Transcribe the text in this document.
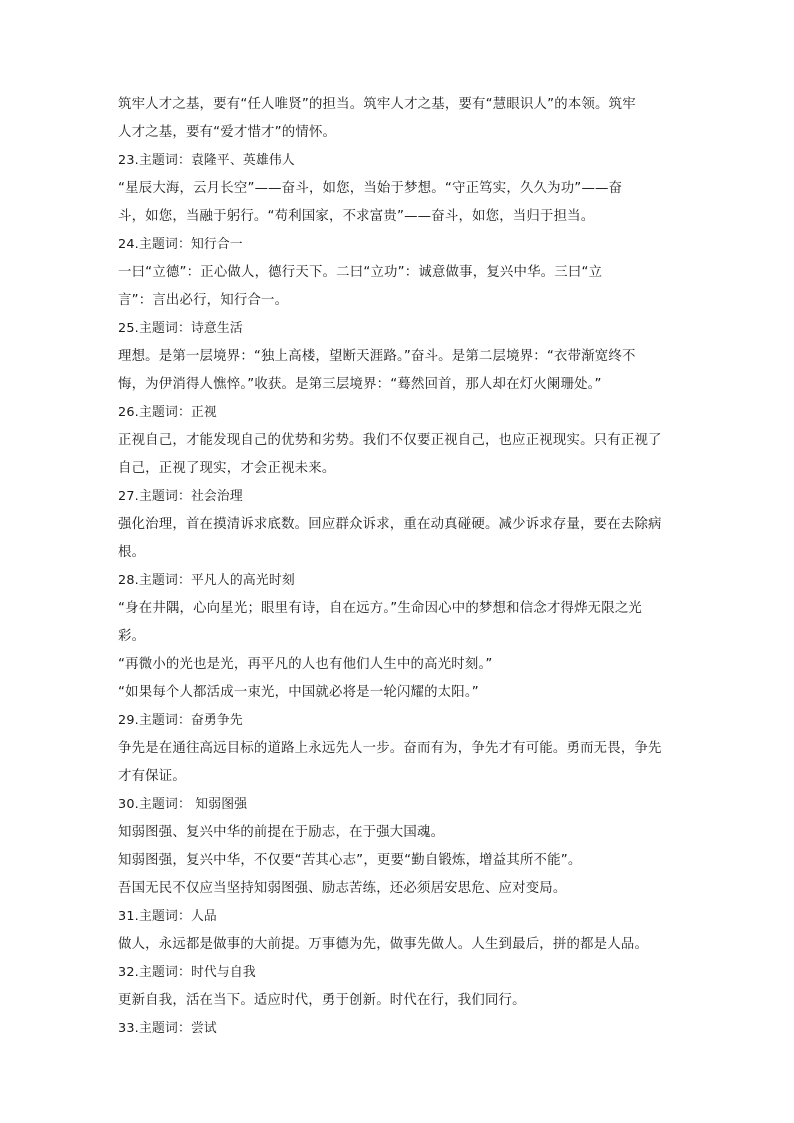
筑牢人才之基，要有“任人唯贤”的担当。筑牢人才之基，要有“慧眼识人”的本领。筑牢
人才之基，要有“爱才惜才”的情怀。
23.主题词：袁隆平、英雄伟人
“星辰大海，云月长空”——奋斗，如您，当始于梦想。“守正笃实，久久为功”——奋
斗，如您，当融于躬行。“苟利国家，不求富贵”——奋斗，如您，当归于担当。
24.主题词：知行合一
一曰“立德”：正心做人，德行天下。二曰“立功”：诚意做事，复兴中华。三曰“立
言”：言出必行，知行合一。
25.主题词：诗意生活
理想。是第一层境界：“独上高楼，望断天涯路。”奋斗。是第二层境界：“衣带渐宽终不
悔，为伊消得人憔悴。”收获。是第三层境界：“蓦然回首，那人却在灯火阑珊处。”
26.主题词：正视
正视自己，才能发现自己的优势和劣势。我们不仅要正视自己，也应正视现实。只有正视了
自己，正视了现实，才会正视未来。
27.主题词：社会治理
强化治理，首在摸清诉求底数。回应群众诉求，重在动真碰硬。减少诉求存量，要在去除病
根。
28.主题词：平凡人的高光时刻
“身在井隅，心向星光；眼里有诗，自在远方。”生命因心中的梦想和信念才得烨无限之光
彩。
“再微小的光也是光，再平凡的人也有他们人生中的高光时刻。”
“如果每个人都活成一束光，中国就必将是一轮闪耀的太阳。”
29.主题词：奋勇争先
争先是在通往高远目标的道路上永远先人一步。奋而有为，争先才有可能。勇而无畏，争先
才有保证。
30.主题词： 知弱图强
知弱图强、复兴中华的前提在于励志，在于强大国魂。
知弱图强，复兴中华，不仅要“苦其心志”，更要“勤自锻炼，增益其所不能”。
吾国无民不仅应当坚持知弱图强、励志苦练，还必须居安思危、应对变局。
31.主题词：人品
做人，永远都是做事的大前提。万事德为先，做事先做人。人生到最后，拼的都是人品。
32.主题词：时代与自我
更新自我，活在当下。适应时代，勇于创新。时代在行，我们同行。
33.主题词：尝试
